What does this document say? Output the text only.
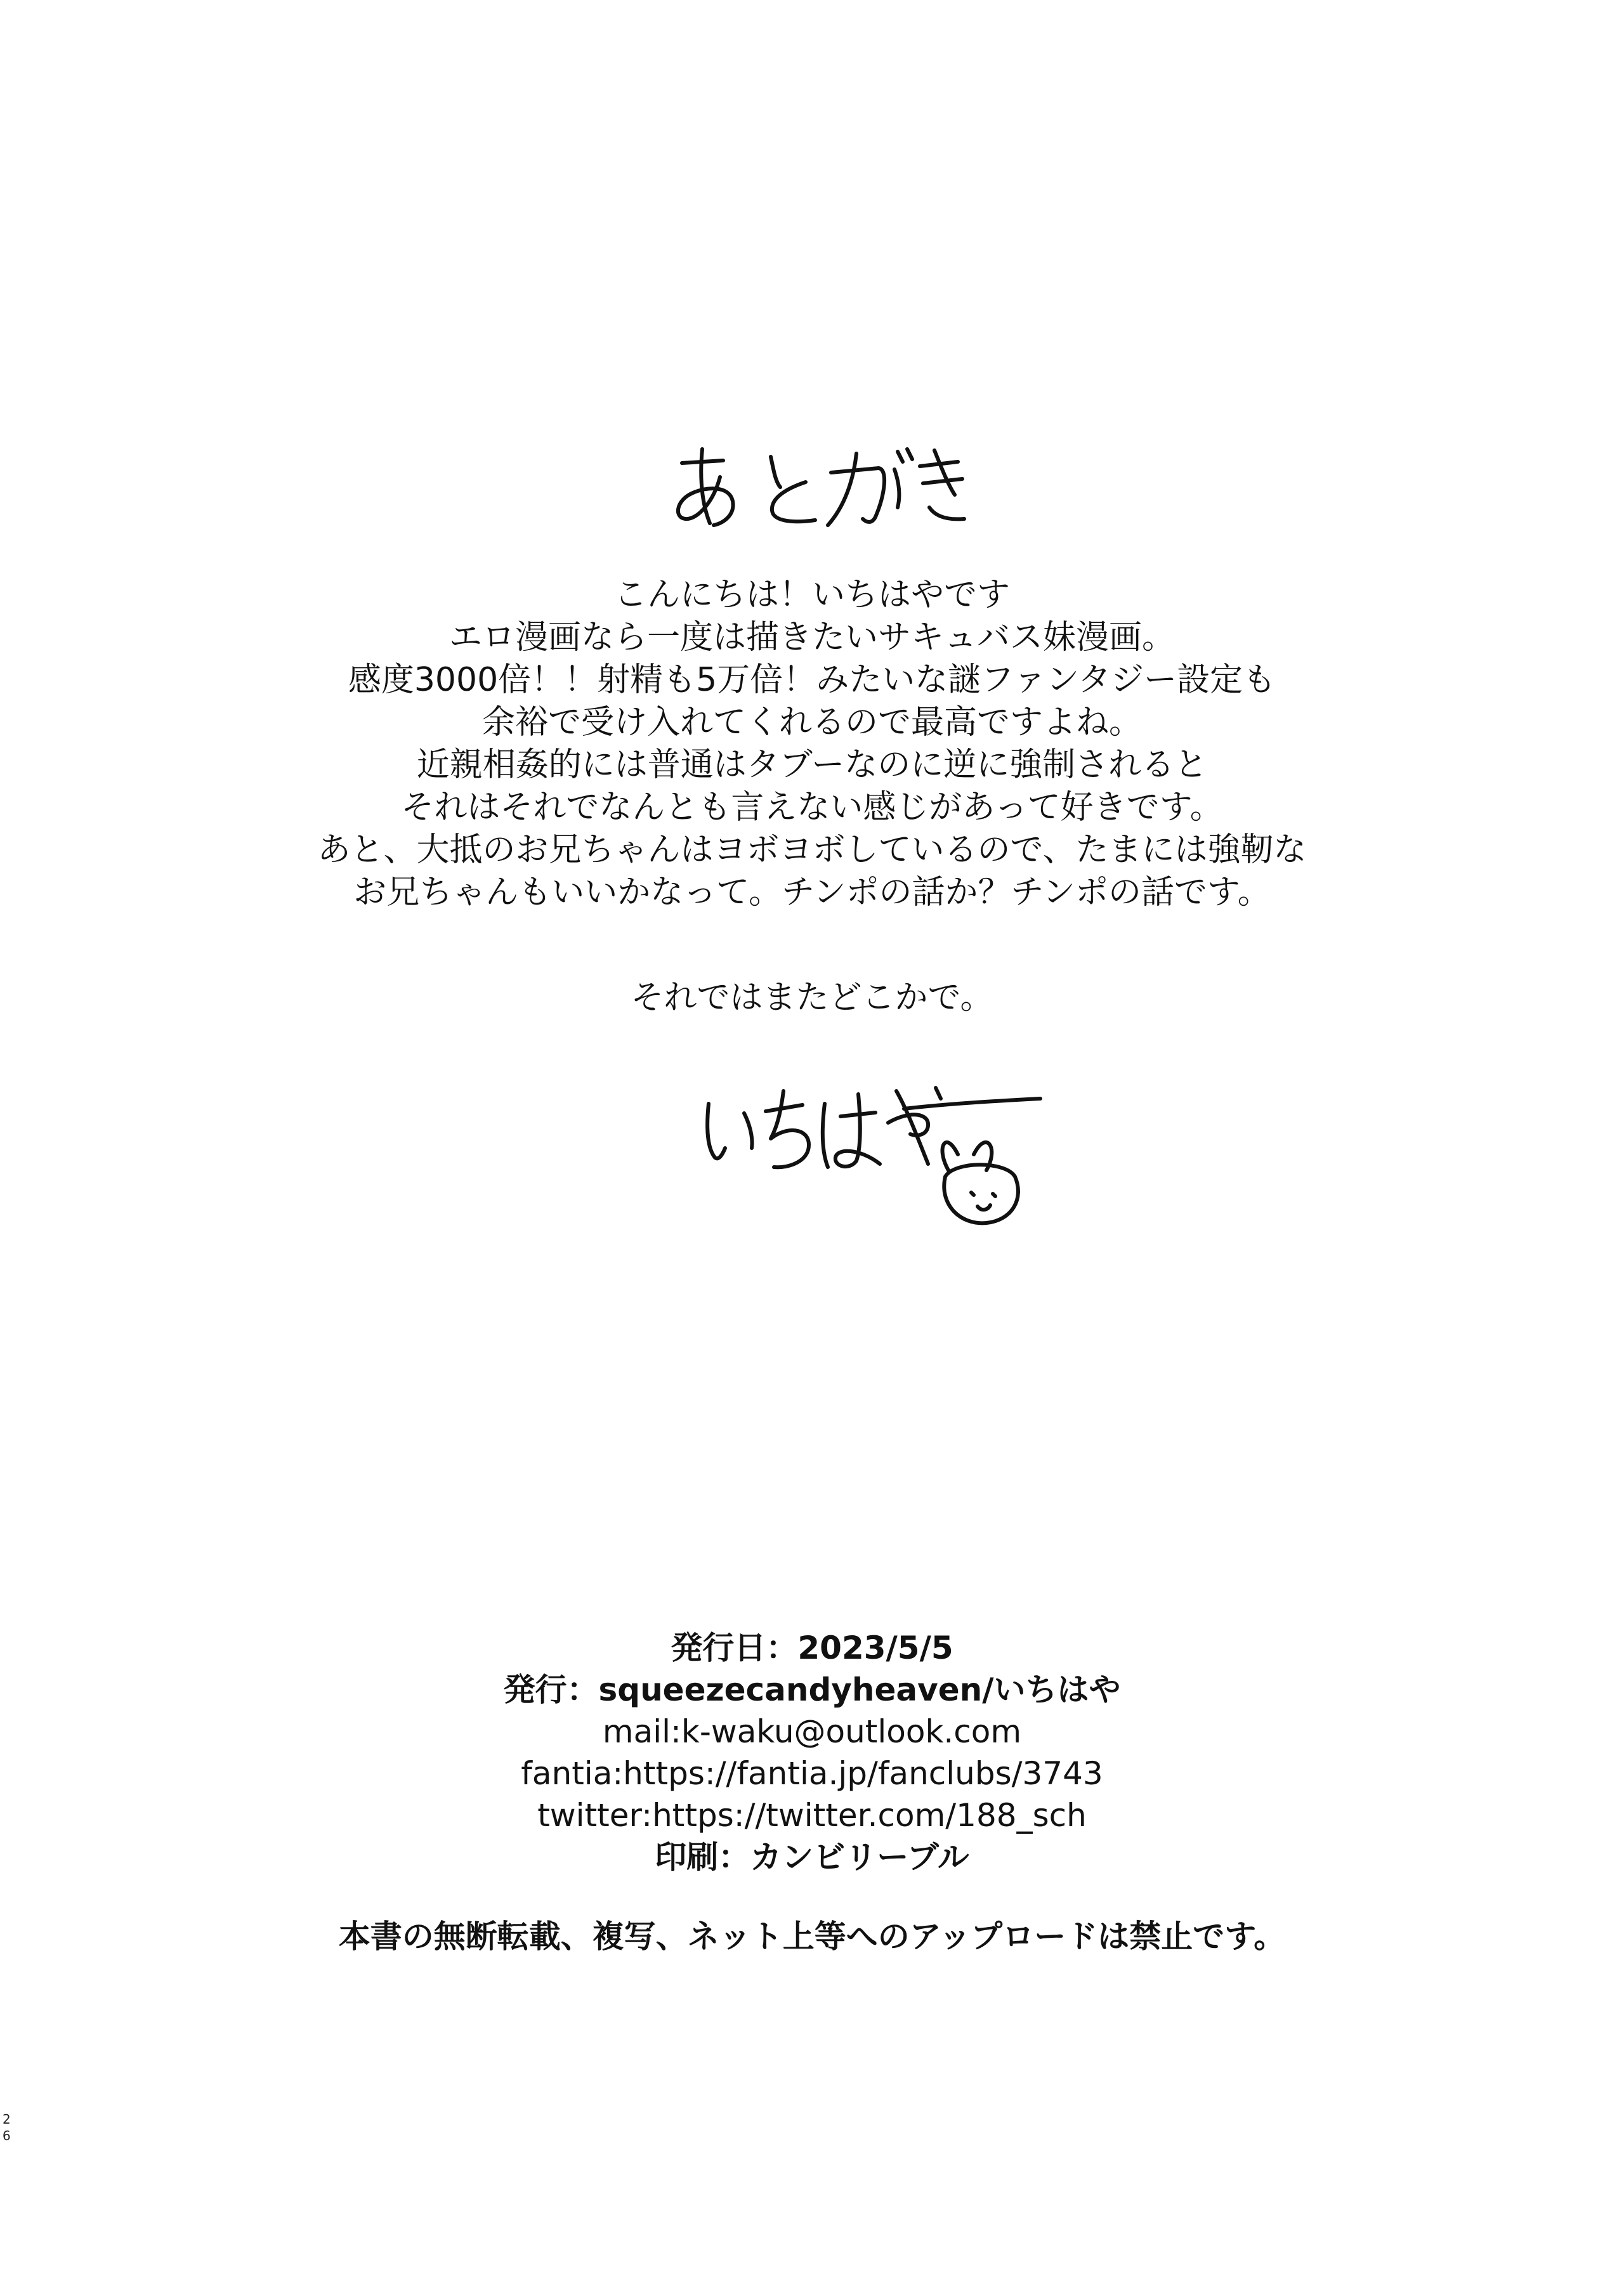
こんにちは！いちはやです
エロ漫画なら一度は描きたいサキュバス妹漫画。
感度3000倍！！射精も5万倍！みたいな謎ファンタジー設定も
余裕で受け入れてくれるので最高ですよね。
近親相姦的には普通はタブーなのに逆に強制されると
それはそれでなんとも言えない感じがあって好きです。
あと、大抵のお兄ちゃんはヨボヨボしているので、たまには強靭な
お兄ちゃんもいいかなって。チンポの話か？チンポの話です。
それではまたどこかで。
発行日：2023/5/5
発行：squeezecandyheaven/いちはや
mail:k-waku@outlook.com
fantia:https://fantia.jp/fanclubs/3743
twitter:https://twitter.com/188_sch
印刷：カンビリーブル
本書の無断転載、複写、ネット上等へのアップロードは禁止です。
2
6
